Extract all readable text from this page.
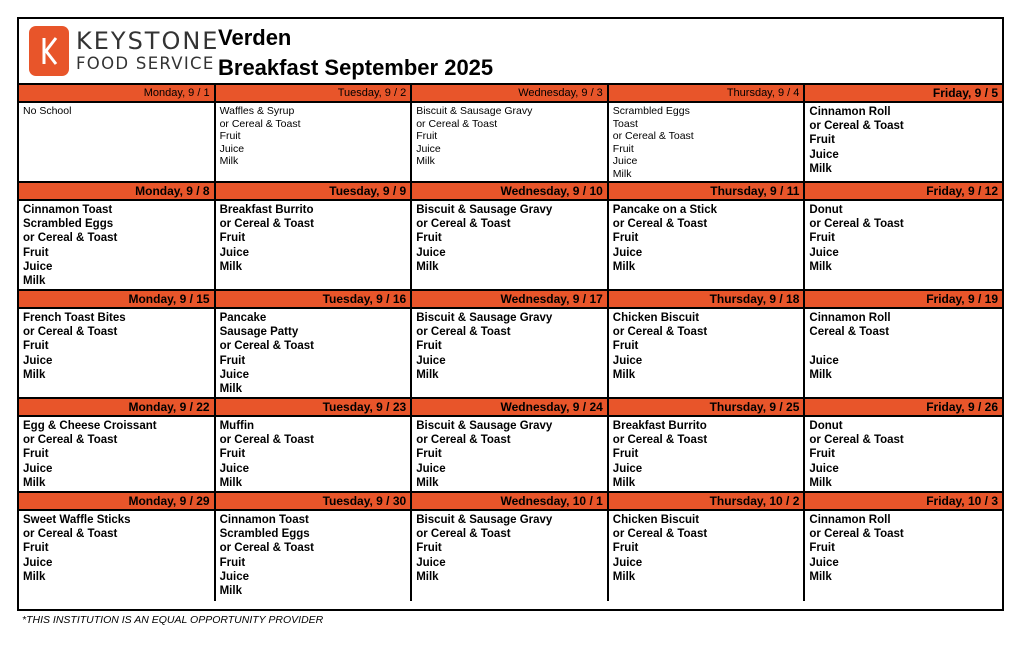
KEYSTONE
FOOD SERVICE
Verden
Breakfast September 2025
Monday, 9 / 1
No School
Tuesday, 9 / 2
Waffles & Syrup
or Cereal & Toast
Fruit
Juice
Milk
Wednesday, 9 / 3
Biscuit & Sausage Gravy
or Cereal & Toast
Fruit
Juice
Milk
Thursday, 9 / 4
Scrambled Eggs
Toast
or Cereal & Toast
Fruit
Juice
Milk
Friday, 9 / 5
Cinnamon Roll
or Cereal & Toast
Fruit
Juice
Milk
Monday, 9 / 8
Cinnamon Toast
Scrambled Eggs
or Cereal & Toast
Fruit
Juice
Milk
Tuesday, 9 / 9
Breakfast Burrito
or Cereal & Toast
Fruit
Juice
Milk
Wednesday, 9 / 10
Biscuit & Sausage Gravy
or Cereal & Toast
Fruit
Juice
Milk
Thursday, 9 / 11
Pancake on a Stick
or Cereal & Toast
Fruit
Juice
Milk
Friday, 9 / 12
Donut
or Cereal & Toast
Fruit
Juice
Milk
Monday, 9 / 15
French Toast Bites
or Cereal & Toast
Fruit
Juice
Milk
Tuesday, 9 / 16
Pancake
Sausage Patty
or Cereal & Toast
Fruit
Juice
Milk
Wednesday, 9 / 17
Biscuit & Sausage Gravy
or Cereal & Toast
Fruit
Juice
Milk
Thursday, 9 / 18
Chicken Biscuit
or Cereal & Toast
Fruit
Juice
Milk
Friday, 9 / 19
Cinnamon Roll
Cereal & Toast
Juice
Milk
Monday, 9 / 22
Egg & Cheese Croissant
or Cereal & Toast
Fruit
Juice
Milk
Tuesday, 9 / 23
Muffin
or Cereal & Toast
Fruit
Juice
Milk
Wednesday, 9 / 24
Biscuit & Sausage Gravy
or Cereal & Toast
Fruit
Juice
Milk
Thursday, 9 / 25
Breakfast Burrito
or Cereal & Toast
Fruit
Juice
Milk
Friday, 9 / 26
Donut
or Cereal & Toast
Fruit
Juice
Milk
Monday, 9 / 29
Sweet Waffle Sticks
or Cereal & Toast
Fruit
Juice
Milk
Tuesday, 9 / 30
Cinnamon Toast
Scrambled Eggs
or Cereal & Toast
Fruit
Juice
Milk
Wednesday, 10 / 1
Biscuit & Sausage Gravy
or Cereal & Toast
Fruit
Juice
Milk
Thursday, 10 / 2
Chicken Biscuit
or Cereal & Toast
Fruit
Juice
Milk
Friday, 10 / 3
Cinnamon Roll
or Cereal & Toast
Fruit
Juice
Milk
*THIS INSTITUTION IS AN EQUAL OPPORTUNITY PROVIDER
